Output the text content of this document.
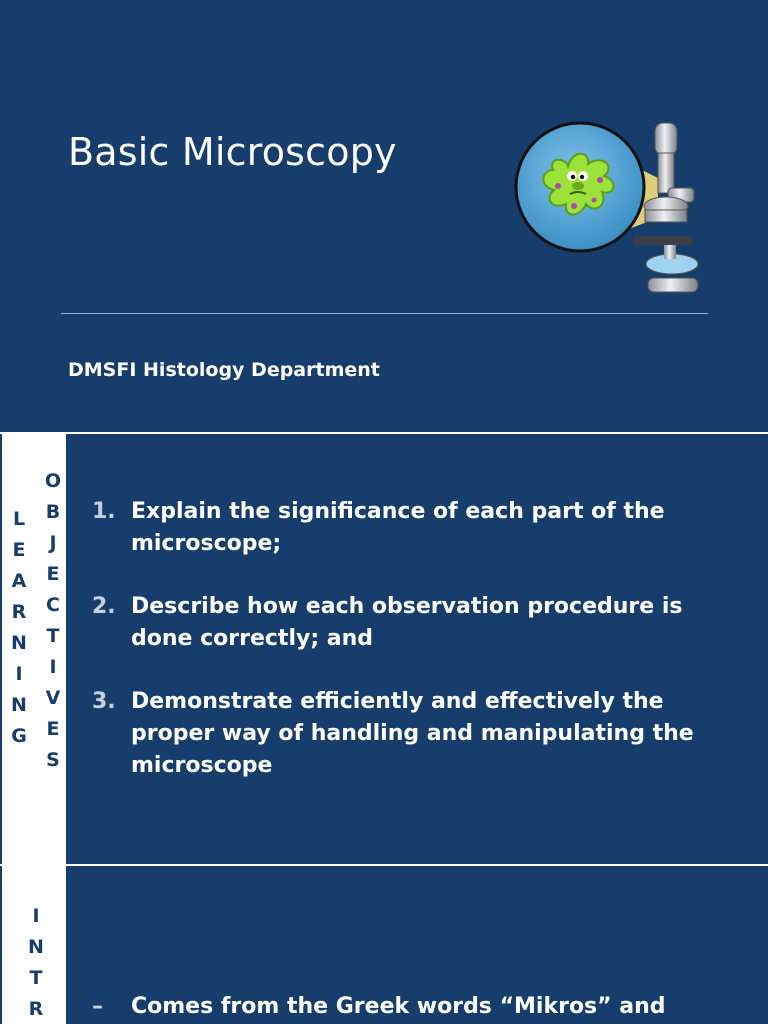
Basic Microscopy
DMSFI Histology Department
L
E
A
R
N
I
N
G
O
B
J
E
C
T
I
V
E
S
1. Explain the significance of each part of the microscope;
2. Describe how each observation procedure is done correctly; and
3. Demonstrate efficiently and effectively the proper way of handling and manipulating the microscope
I
N
T
R – Comes from the Greek words “Mikros” and
